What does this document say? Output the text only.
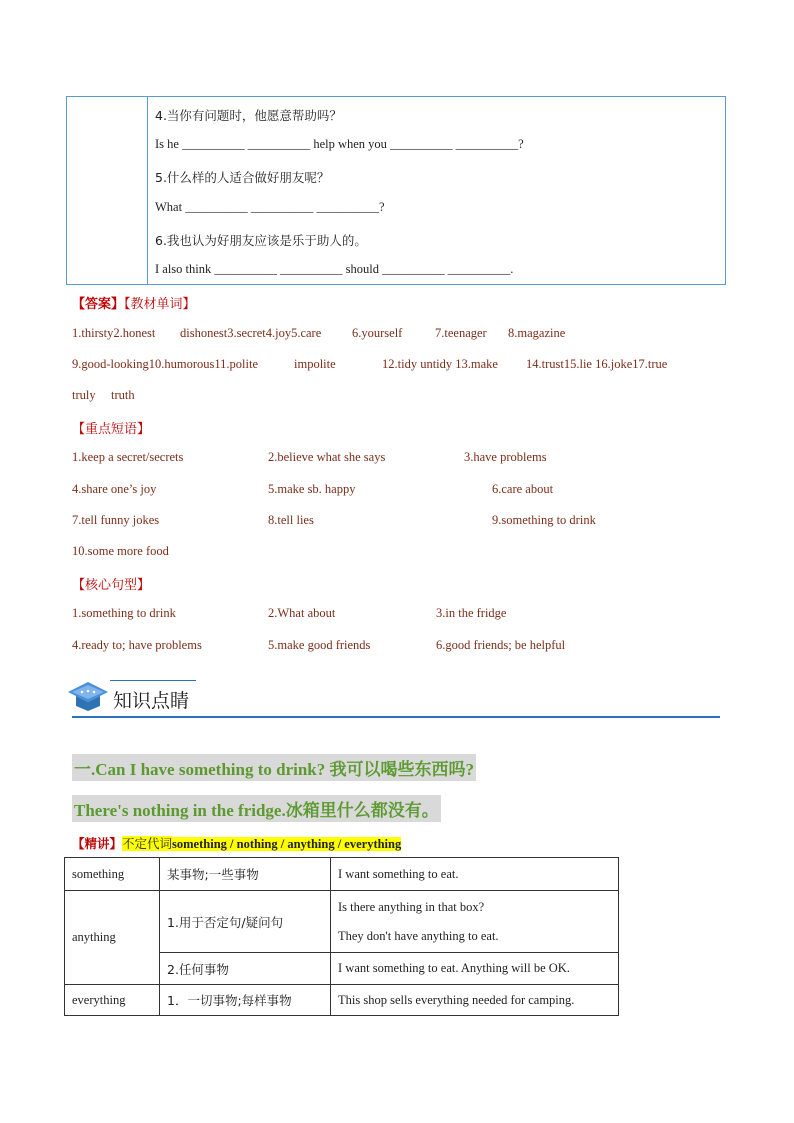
4.当你有问题时，他愿意帮助吗？
Is he __________ __________ help when you __________ __________?
5.什么样的人适合做好朋友呢？
What __________ __________ __________?
6.我也认为好朋友应该是乐于助人的。
I also think __________ __________ should __________ __________.
【答案】【教材单词】
1.thirsty2.honest dishonest3.secret4.joy5.care 6.yourself	7.teenager 8.magazine
9.good-looking10.humorous11.polite	impolite	12.tidy untidy 13.make 14.trust15.lie 16.joke17.true
truly truth
【重点短语】
1.keep a secret/secrets	2.believe what she says	3.have problems
4.share one’s joy	5.make sb. happy	6.care about
7.tell funny jokes	8.tell lies	9.something to drink
10.some more food
【核心句型】
1.something to drink	2.What about	3.in the fridge
4.ready to; have problems	5.make good friends	6.good friends; be helpful
知识点睛
一.Can I have something to drink? 我可以喝些东西吗?
There's nothing in the fridge.冰箱里什么都没有。
【精讲】不定代词something / nothing / anything / everything
something	某事物;一些事物	I want something to eat.
anything	1.用于否定句/疑问句	Is there anything in that box?
They don't have anything to eat.

	2.任何事物	I want something to eat. Anything will be OK.
everything	1．一切事物;每样事物	This shop sells everything needed for camping.
